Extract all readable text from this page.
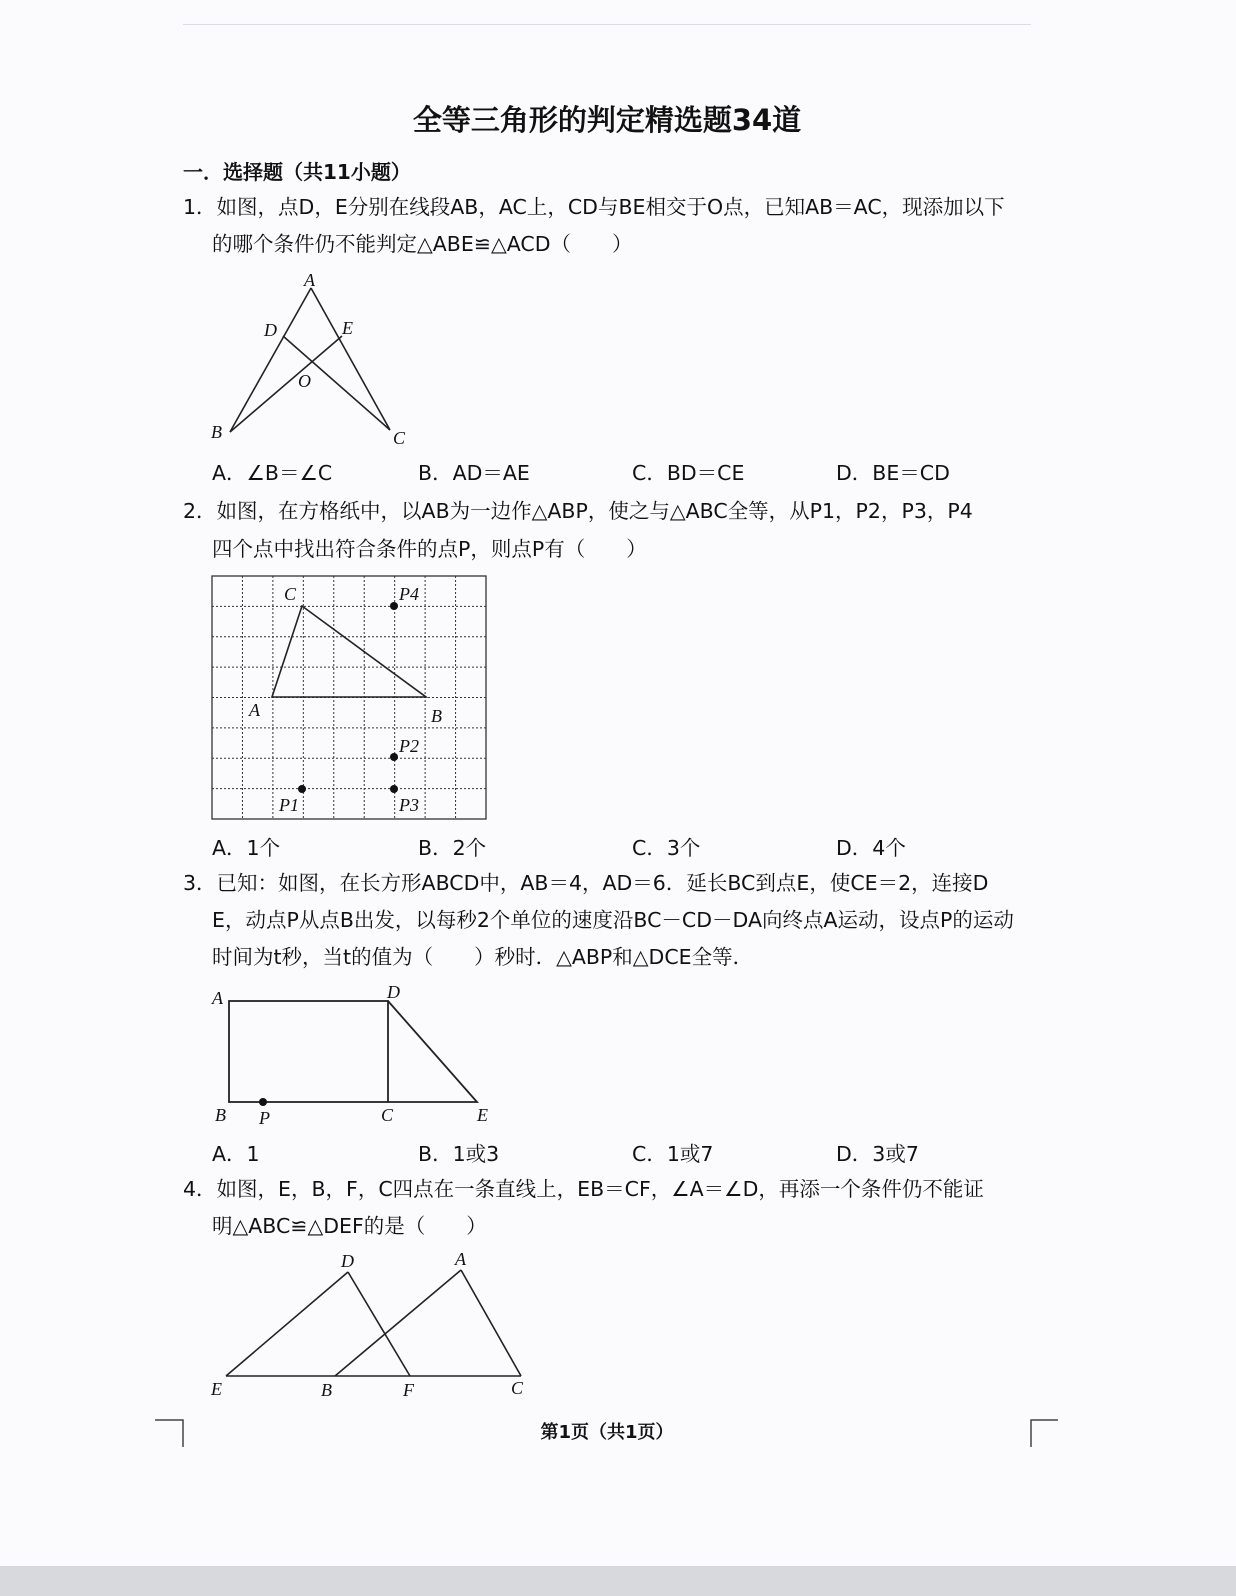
全等三角形的判定精选题34道
一．选择题（共11小题）
1．如图，点D，E分别在线段AB，AC上，CD与BE相交于O点，已知AB＝AC，现添加以下
的哪个条件仍不能判定△ABE≌△ACD（　　）
A．∠B＝∠C	B．AD＝AE	C．BD＝CE	D．BE＝CD
2．如图，在方格纸中，以AB为一边作△ABP，使之与△ABC全等，从P1，P2，P3，P4
四个点中找出符合条件的点P，则点P有（　　）
A．1个	B．2个	C．3个	D．4个
3．已知：如图，在长方形ABCD中，AB＝4，AD＝6．延长BC到点E，使CE＝2，连接D
E，动点P从点B出发，以每秒2个单位的速度沿BC－CD－DA向终点A运动，设点P的运动
时间为t秒，当t的值为（　　）秒时．△ABP和△DCE全等．
A．1	B．1或3	C．1或7	D．3或7
4．如图，E，B，F，C四点在一条直线上，EB＝CF，∠A＝∠D，再添一个条件仍不能证
明△ABC≌△DEF的是（　　）
A
D	E
O
B	C
C	P4
A	B
P2
P1	P3
A	D
B P	C	E
D	A
E	B	F	C
第1页（共1页）
